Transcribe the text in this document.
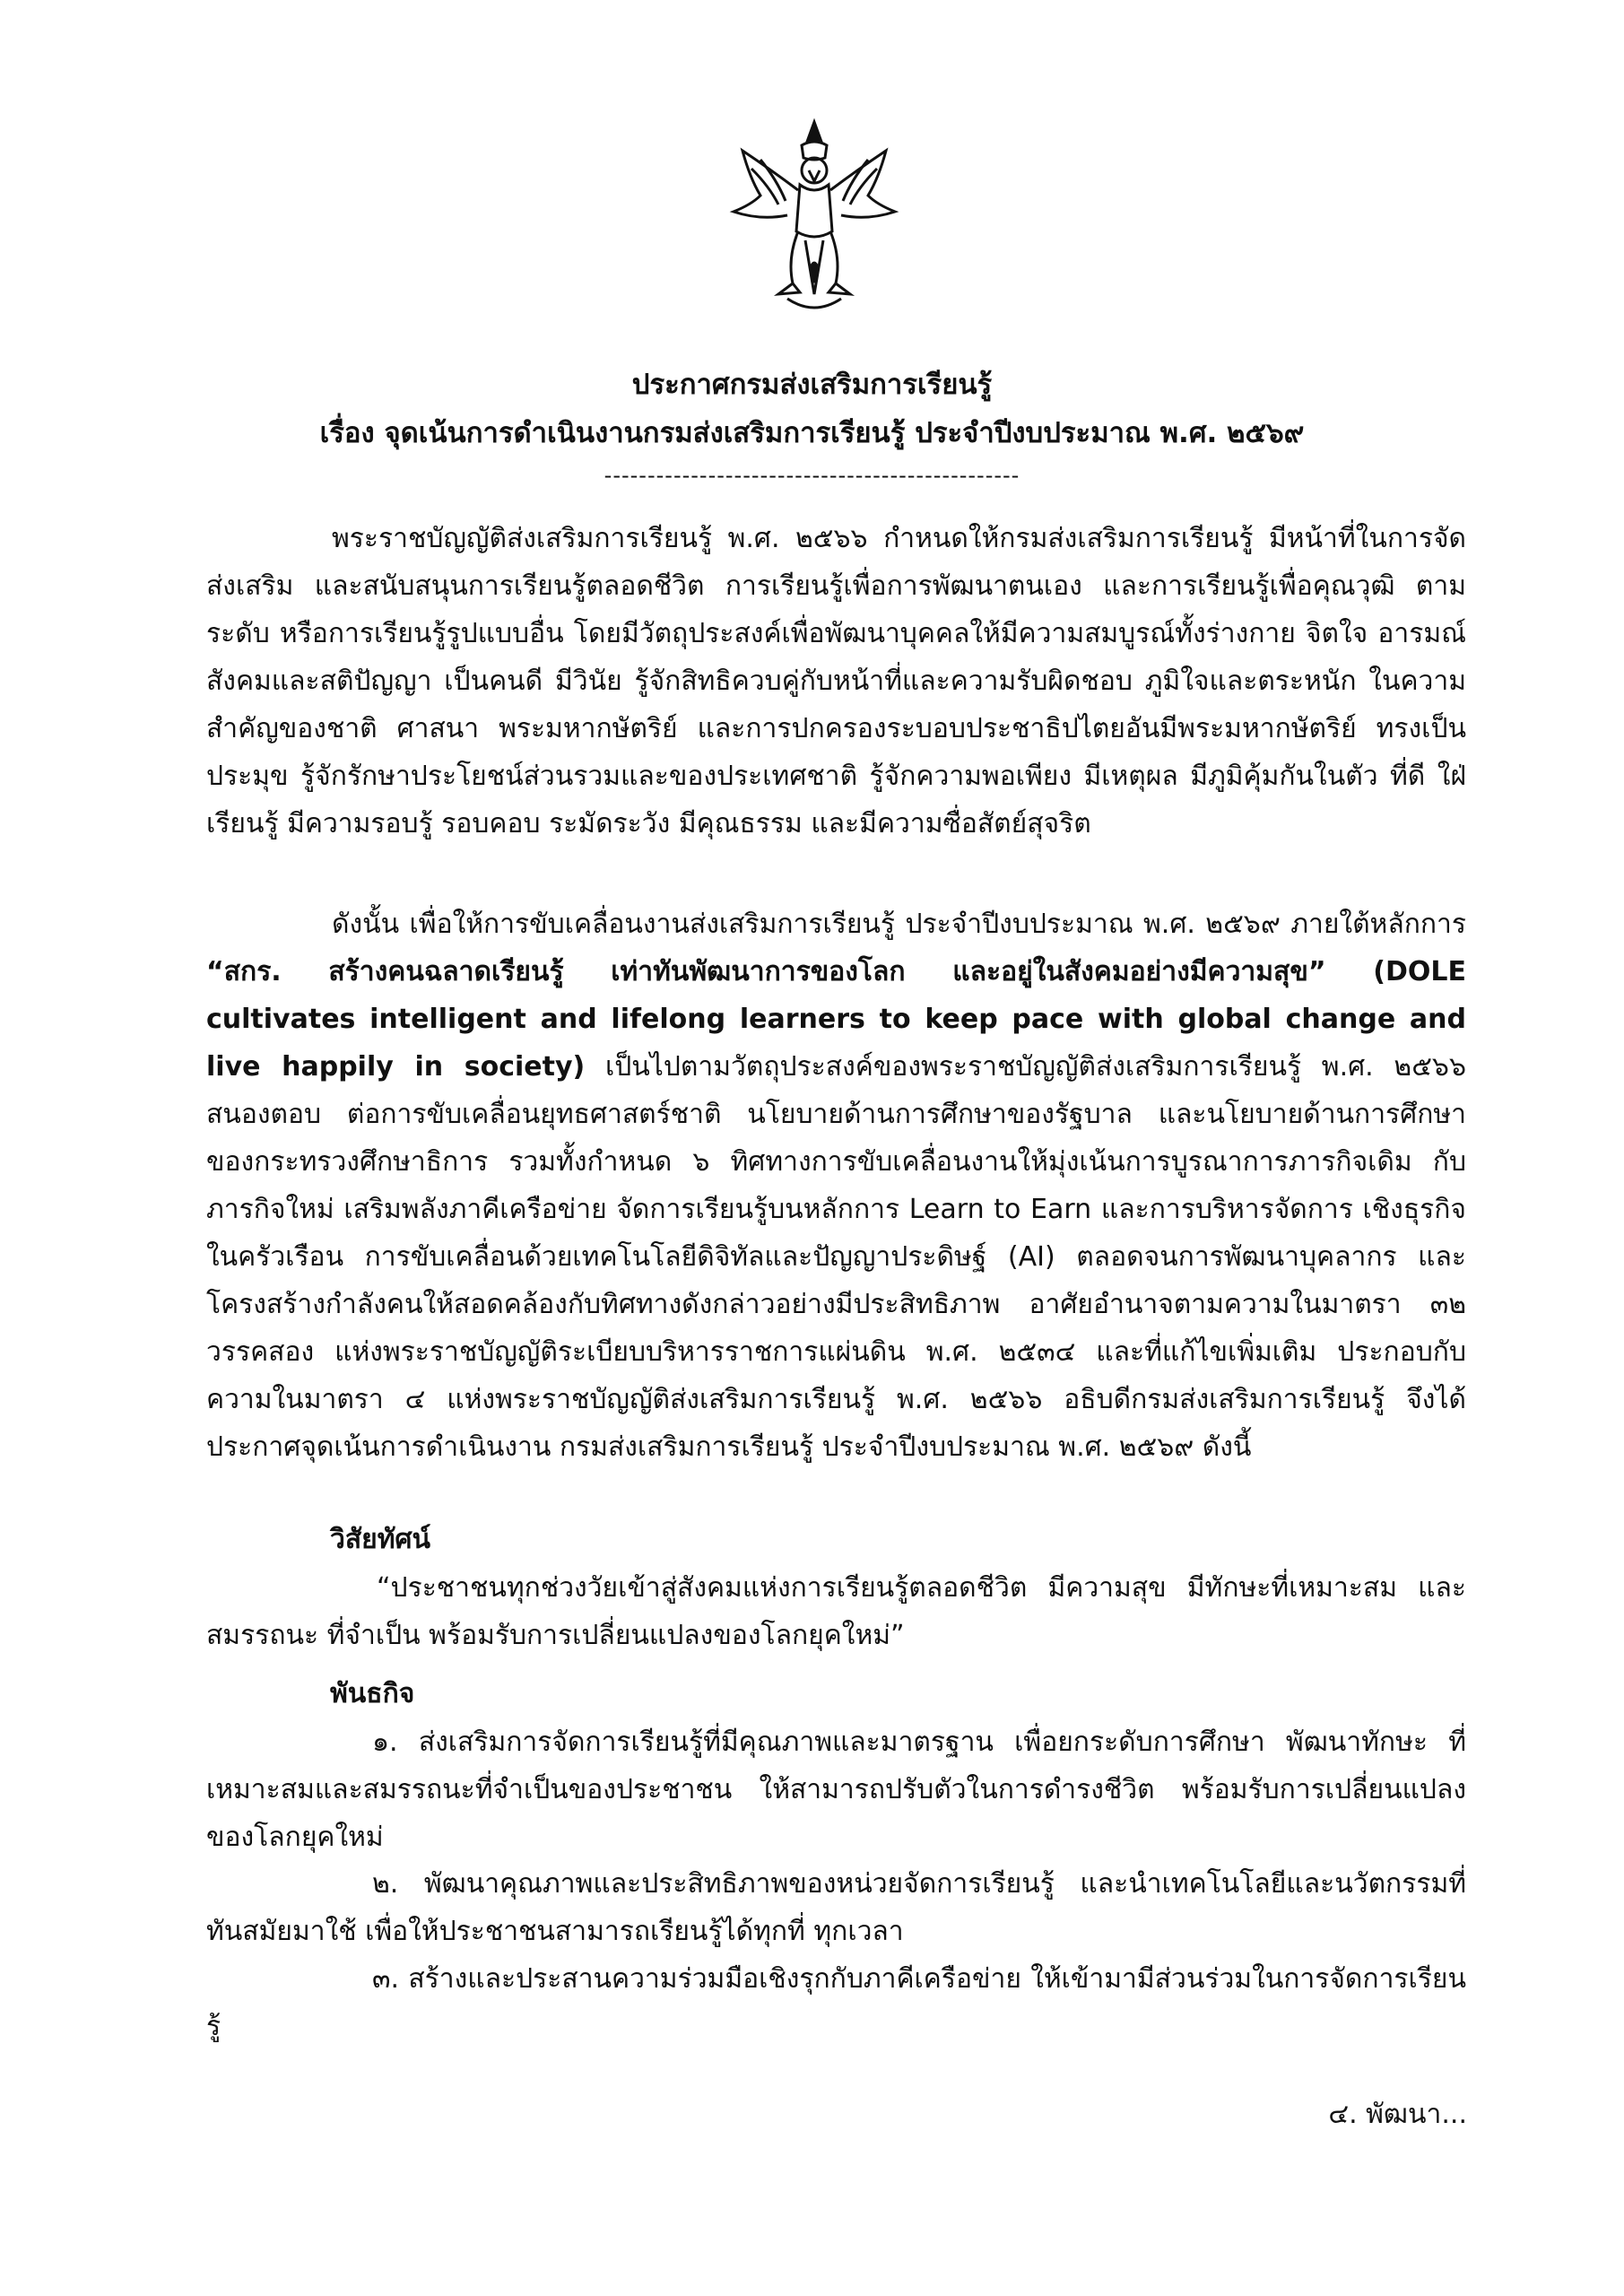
ประกาศกรมส่งเสริมการเรียนรู้
เรื่อง จุดเน้นการดำเนินงานกรมส่งเสริมการเรียนรู้ ประจำปีงบประมาณ พ.ศ. ๒๕๖๙
------------------------------------------------

พระราชบัญญัติส่งเสริมการเรียนรู้ พ.ศ. ๒๕๖๖ กำหนดให้กรมส่งเสริมการเรียนรู้ มีหน้าที่ในการจัด ส่งเสริม และสนับสนุนการเรียนรู้ตลอดชีวิต การเรียนรู้เพื่อการพัฒนาตนเอง และการเรียนรู้เพื่อคุณวุฒิ ตามระดับ หรือการเรียนรู้รูปแบบอื่น โดยมีวัตถุประสงค์เพื่อพัฒนาบุคคลให้มีความสมบูรณ์ทั้งร่างกาย จิตใจ อารมณ์ สังคมและสติปัญญา เป็นคนดี มีวินัย รู้จักสิทธิควบคู่กับหน้าที่และความรับผิดชอบ ภูมิใจและตระหนัก ในความสำคัญของชาติ ศาสนา พระมหากษัตริย์ และการปกครองระบอบประชาธิปไตยอันมีพระมหากษัตริย์ ทรงเป็นประมุข รู้จักรักษาประโยชน์ส่วนรวมและของประเทศชาติ รู้จักความพอเพียง มีเหตุผล มีภูมิคุ้มกันในตัว ที่ดี ใฝ่เรียนรู้ มีความรอบรู้ รอบคอบ ระมัดระวัง มีคุณธรรม และมีความซื่อสัตย์สุจริต

ดังนั้น เพื่อให้การขับเคลื่อนงานส่งเสริมการเรียนรู้ ประจำปีงบประมาณ พ.ศ. ๒๕๖๙ ภายใต้หลักการ “สกร. สร้างคนฉลาดเรียนรู้ เท่าทันพัฒนาการของโลก และอยู่ในสังคมอย่างมีความสุข” (DOLE cultivates intelligent and lifelong learners to keep pace with global change and live happily in society) เป็นไปตามวัตถุประสงค์ของพระราชบัญญัติส่งเสริมการเรียนรู้ พ.ศ. ๒๕๖๖ สนองตอบ ต่อการขับเคลื่อนยุทธศาสตร์ชาติ นโยบายด้านการศึกษาของรัฐบาล และนโยบายด้านการศึกษา ของกระทรวงศึกษาธิการ รวมทั้งกำหนด ๖ ทิศทางการขับเคลื่อนงานให้มุ่งเน้นการบูรณาการภารกิจเดิม กับภารกิจใหม่ เสริมพลังภาคีเครือข่าย จัดการเรียนรู้บนหลักการ Learn to Earn และการบริหารจัดการ เชิงธุรกิจในครัวเรือน การขับเคลื่อนด้วยเทคโนโลยีดิจิทัลและปัญญาประดิษฐ์ (AI) ตลอดจนการพัฒนาบุคลากร และโครงสร้างกำลังคนให้สอดคล้องกับทิศทางดังกล่าวอย่างมีประสิทธิภาพ อาศัยอำนาจตามความในมาตรา ๓๒ วรรคสอง แห่งพระราชบัญญัติระเบียบบริหารราชการแผ่นดิน พ.ศ. ๒๕๓๔ และที่แก้ไขเพิ่มเติม ประกอบกับ ความในมาตรา ๔ แห่งพระราชบัญญัติส่งเสริมการเรียนรู้ พ.ศ. ๒๕๖๖ อธิบดีกรมส่งเสริมการเรียนรู้ จึงได้ ประกาศจุดเน้นการดำเนินงาน กรมส่งเสริมการเรียนรู้ ประจำปีงบประมาณ พ.ศ. ๒๕๖๙ ดังนี้

วิสัยทัศน์

“ประชาชนทุกช่วงวัยเข้าสู่สังคมแห่งการเรียนรู้ตลอดชีวิต มีความสุข มีทักษะที่เหมาะสม และสมรรถนะ ที่จำเป็น พร้อมรับการเปลี่ยนแปลงของโลกยุคใหม่”

พันธกิจ

๑. ส่งเสริมการจัดการเรียนรู้ที่มีคุณภาพและมาตรฐาน เพื่อยกระดับการศึกษา พัฒนาทักษะ ที่เหมาะสมและสมรรถนะที่จำเป็นของประชาชน ให้สามารถปรับตัวในการดำรงชีวิต พร้อมรับการเปลี่ยนแปลง ของโลกยุคใหม่

๒. พัฒนาคุณภาพและประสิทธิภาพของหน่วยจัดการเรียนรู้ และนำเทคโนโลยีและนวัตกรรมที่ ทันสมัยมาใช้ เพื่อให้ประชาชนสามารถเรียนรู้ได้ทุกที่ ทุกเวลา

๓. สร้างและประสานความร่วมมือเชิงรุกกับภาคีเครือข่าย ให้เข้ามามีส่วนร่วมในการจัดการเรียนรู้

๔. พัฒนา...
